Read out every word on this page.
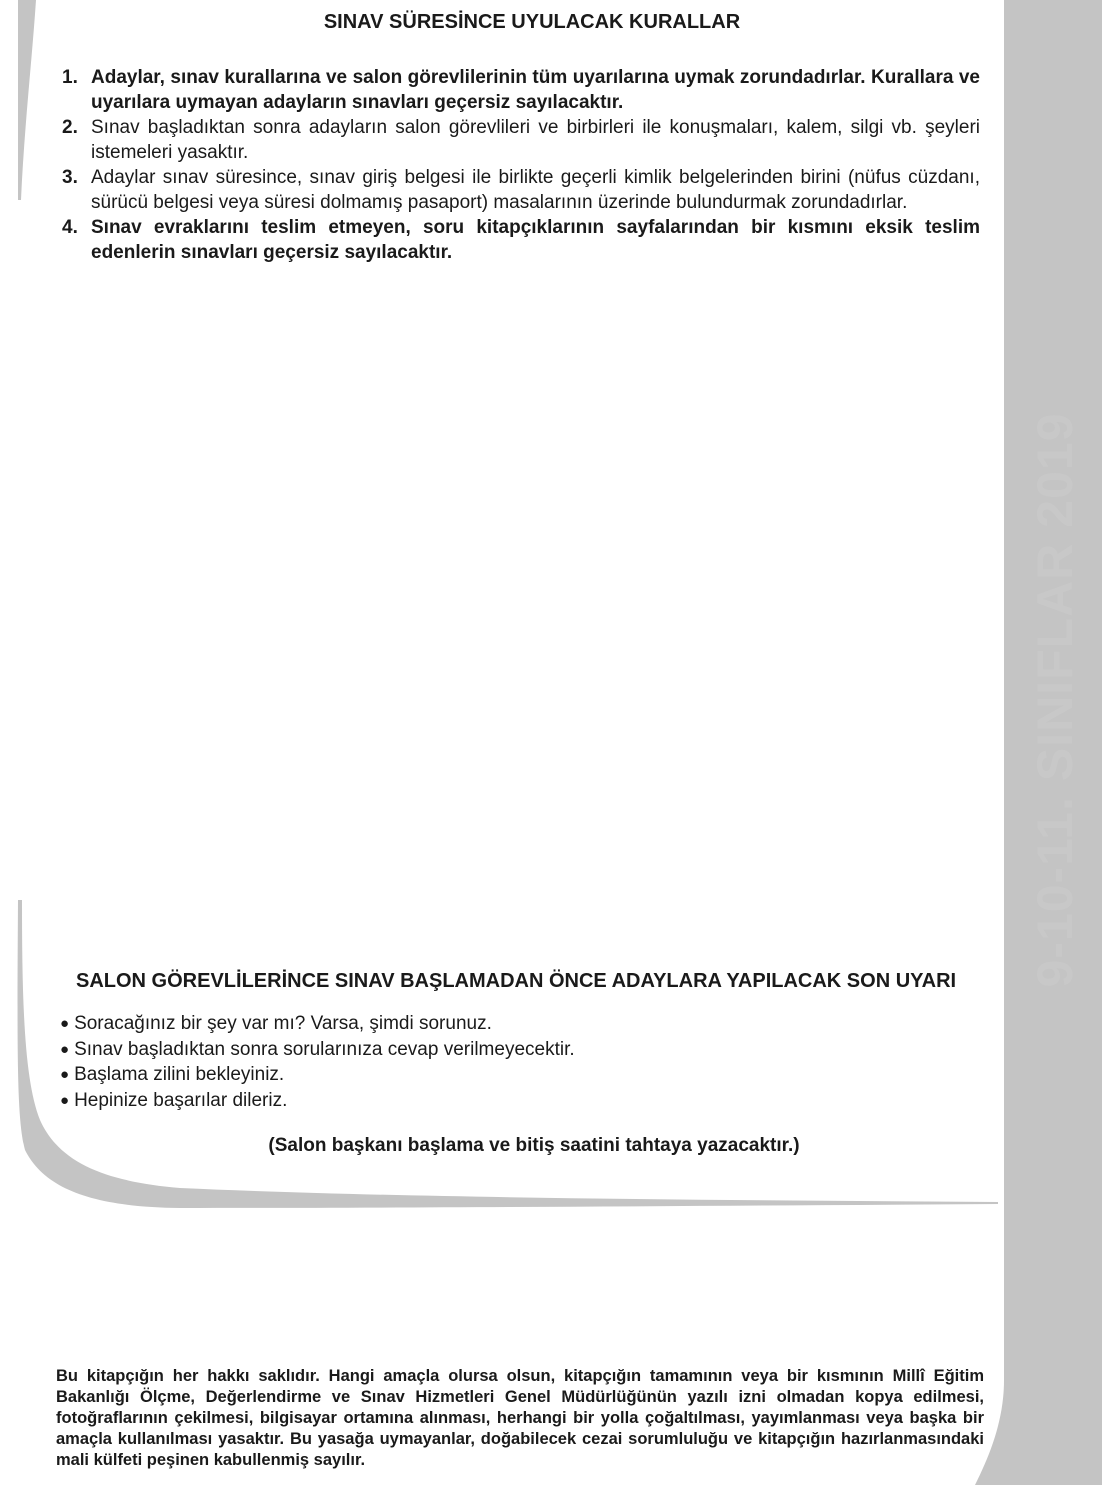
9-10-11. SINIFLAR 2019
SINAV SÜRESİNCE UYULACAK KURALLAR
1. Adaylar, sınav kurallarına ve salon görevlilerinin tüm uyarılarına uymak zorundadırlar. Kurallara ve uyarılara uymayan adayların sınavları geçersiz sayılacaktır.
2. Sınav başladıktan sonra adayların salon görevlileri ve birbirleri ile konuşmaları, kalem, silgi vb. şeyleri istemeleri yasaktır.
3. Adaylar sınav süresince, sınav giriş belgesi ile birlikte geçerli kimlik belgelerinden birini (nüfus cüzdanı, sürücü belgesi veya süresi dolmamış pasaport) masalarının üzerinde bulundurmak zorundadırlar.
4. Sınav evraklarını teslim etmeyen, soru kitapçıklarının sayfalarından bir kısmını eksik teslim edenlerin sınavları geçersiz sayılacaktır.
SALON GÖREVLİLERİNCE SINAV BAŞLAMADAN ÖNCE ADAYLARA YAPILACAK SON UYARI
● Soracağınız bir şey var mı? Varsa, şimdi sorunuz.
● Sınav başladıktan sonra sorularınıza cevap verilmeyecektir.
● Başlama zilini bekleyiniz.
● Hepinize başarılar dileriz.
(Salon başkanı başlama ve bitiş saatini tahtaya yazacaktır.)
Bu kitapçığın her hakkı saklıdır. Hangi amaçla olursa olsun, kitapçığın tamamının veya bir kısmının Millî Eğitim Bakanlığı Ölçme, Değerlendirme ve Sınav Hizmetleri Genel Müdürlüğünün yazılı izni olmadan kopya edilmesi, fotoğraflarının çekilmesi, bilgisayar ortamına alınması, herhangi bir yolla çoğaltılması, yayımlanması veya başka bir amaçla kullanılması yasaktır. Bu yasağa uymayanlar, doğabilecek cezai sorumluluğu ve kitapçığın hazırlanmasındaki mali külfeti peşinen kabullenmiş sayılır.
